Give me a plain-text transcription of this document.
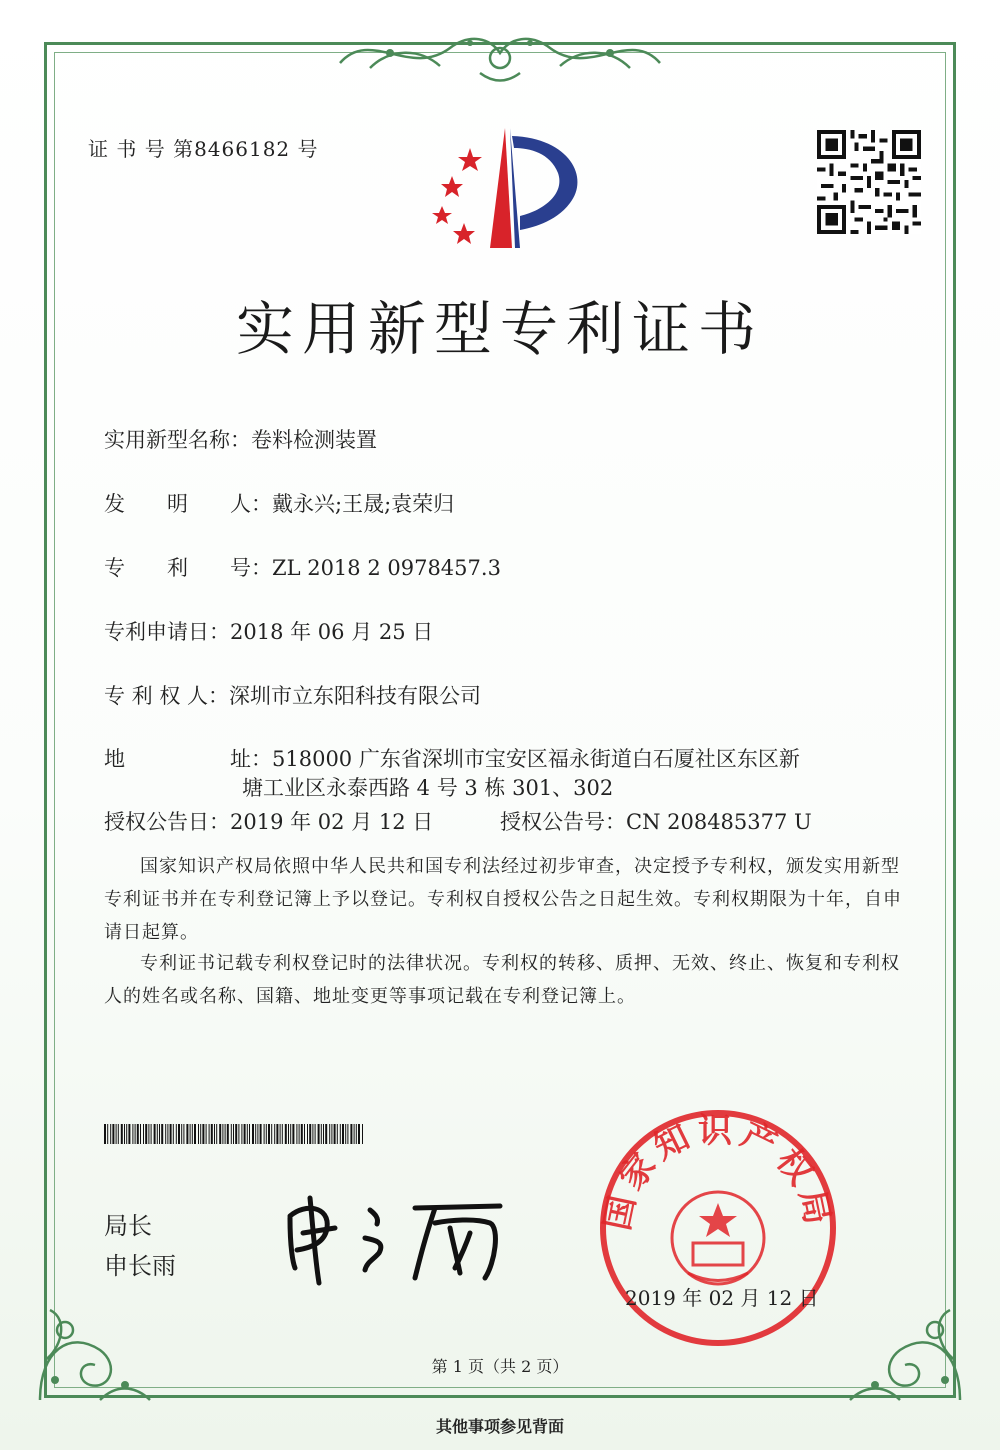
证 书 号 第8466182 号
实用新型专利证书
实用新型名称：卷料检测装置
发　　明　　人：戴永兴;王晟;袁荣归
专　　利　　号：ZL 2018 2 0978457.3
专利申请日：2018 年 06 月 25 日
专 利 权 人：深圳市立东阳科技有限公司
地　　　　　址：518000 广东省深圳市宝安区福永街道白石厦社区东区新
塘工业区永泰西路 4 号 3 栋 301、302
授权公告日：2019 年 02 月 12 日	授权公告号：CN 208485377 U
国家知识产权局依照中华人民共和国专利法经过初步审查，决定授予专利权，颁发实用新型专利证书并在专利登记簿上予以登记。专利权自授权公告之日起生效。专利权期限为十年，自申请日起算。
专利证书记载专利权登记时的法律状况。专利权的转移、质押、无效、终止、恢复和专利权人的姓名或名称、国籍、地址变更等事项记载在专利登记簿上。
局长
申长雨
国家知识产权局
2019 年 02 月 12 日
第 1 页（共 2 页）
其他事项参见背面
